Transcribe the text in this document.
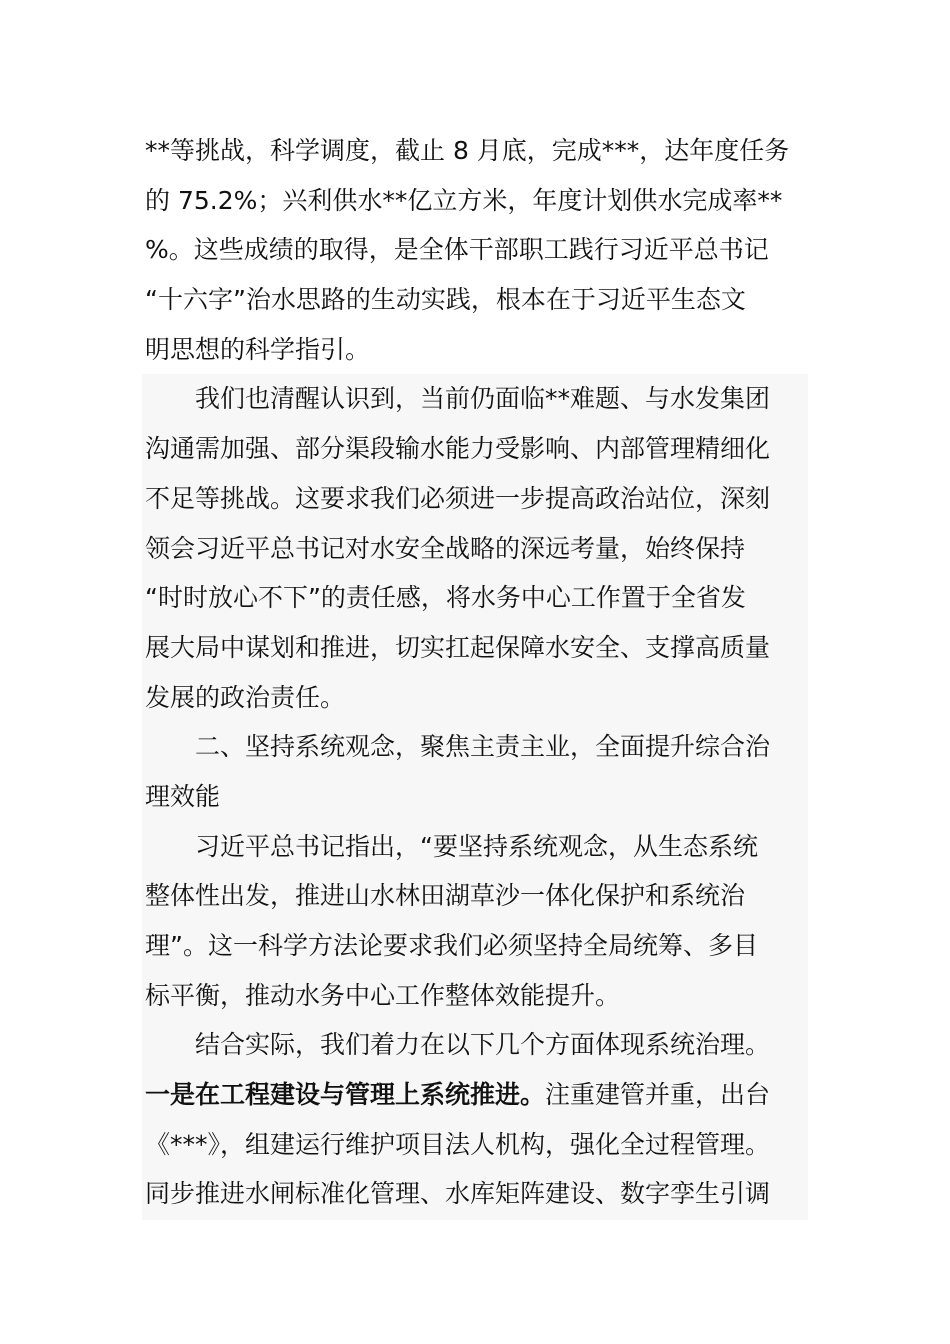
**等挑战，科学调度，截止 8 月底，完成***，达年度任务
的 75.2%；兴利供水**亿立方米，年度计划供水完成率**
%。这些成绩的取得，是全体干部职工践行习近平总书记
“十六字”治水思路的生动实践，根本在于习近平生态文
明思想的科学指引。
我们也清醒认识到，当前仍面临**难题、与水发集团
沟通需加强、部分渠段输水能力受影响、内部管理精细化
不足等挑战。这要求我们必须进一步提高政治站位，深刻
领会习近平总书记对水安全战略的深远考量，始终保持
“时时放心不下”的责任感，将水务中心工作置于全省发
展大局中谋划和推进，切实扛起保障水安全、支撑高质量
发展的政治责任。
二、坚持系统观念，聚焦主责主业，全面提升综合治
理效能
习近平总书记指出，“要坚持系统观念，从生态系统
整体性出发，推进山水林田湖草沙一体化保护和系统治
理”。这一科学方法论要求我们必须坚持全局统筹、多目
标平衡，推动水务中心工作整体效能提升。
结合实际，我们着力在以下几个方面体现系统治理。
一是在工程建设与管理上系统推进。注重建管并重，出台
《***》，组建运行维护项目法人机构，强化全过程管理。
同步推进水闸标准化管理、水库矩阵建设、数字孪生引调
